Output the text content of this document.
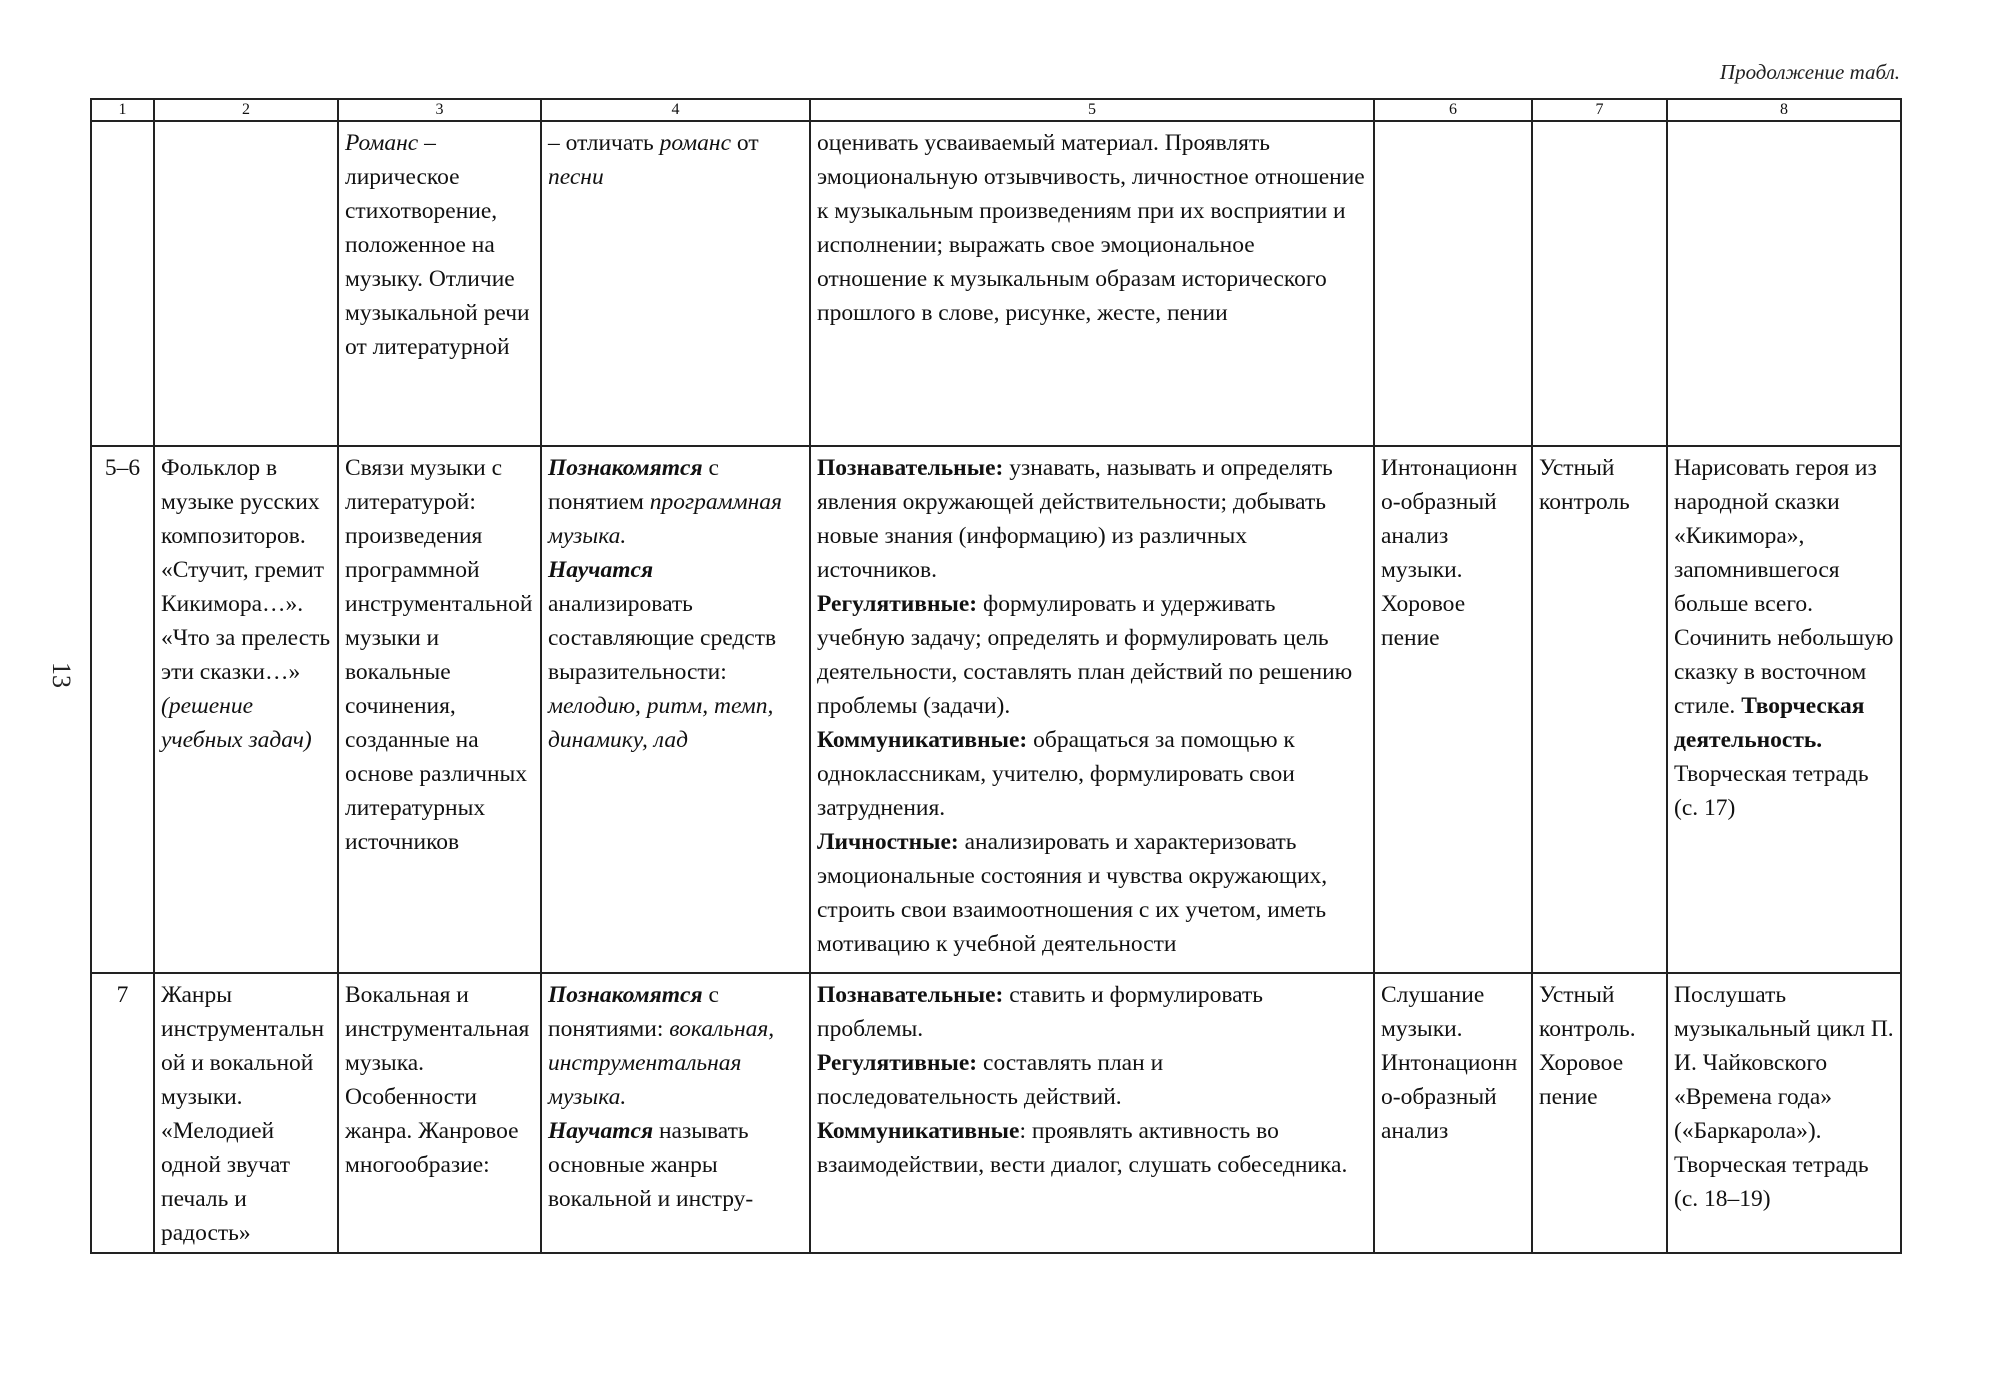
Продолжение табл.
13
1	2	3	4	5	6	7	8
		Романс – лирическое стихотворение, положенное на музыку. Отличие музыкальной речи от литературной	– отличать романс от песни	оценивать усваиваемый материал. Проявлять эмоциональную отзывчивость, личностное отношение к музыкальным произведениям при их восприятии и исполнении; выражать свое эмоциональное отношение к музыкальным образам исторического прошлого в слове, рисунке, жесте, пении			
5–6	Фольклор в музыке русских композиторов. «Стучит, гремит Кикимора…». «Что за прелесть эти сказки…» (решение учебных задач)	Связи музыки с литературой: произведения программной инструментальной музыки и вокальные сочинения, созданные на основе различных литературных источников	Познакомятся с понятием программная музыка.
Научатся анализировать составляющие средств выразительности: мелодию, ритм, темп, динамику, лад	Познавательные: узнавать, называть и определять явления окружающей действительности; добывать новые знания (информацию) из различных источников.
Регулятивные: формулировать и удерживать учебную задачу; определять и формулировать цель деятельности, составлять план действий по решению проблемы (задачи).
Коммуникативные: обращаться за помощью к одноклассникам, учителю, формулировать свои затруднения.
Личностные: анализировать и характеризовать эмоциональные состояния и чувства окружающих, строить свои взаимоотношения с их учетом, иметь мотивацию к учебной деятельности	Интонационно-образный анализ музыки. Хоровое пение	Устный контроль	Нарисовать героя из народной сказки «Кикимора», запомнившегося больше всего. Сочинить небольшую сказку в восточном стиле. Творческая деятельность. Творческая тетрадь (с. 17)
7	Жанры инструментальной и вокальной музыки. «Мелодией одной звучат печаль и радость»	Вокальная и инструментальная музыка. Особенности жанра. Жанровое многообразие:	Познакомятся с понятиями: вокальная, инструментальная музыка.
Научатся называть основные жанры вокальной и инстру-	Познавательные: ставить и формулировать проблемы.
Регулятивные: составлять план и последовательность действий.
Коммуникативные: проявлять активность во взаимодействии, вести диалог, слушать собеседника.	Слушание музыки. Интонационно-образный анализ	Устный контроль. Хоровое пение	Послушать музыкальный цикл П. И. Чайковского «Времена года» («Баркарола»). Творческая тетрадь (с. 18–19)
